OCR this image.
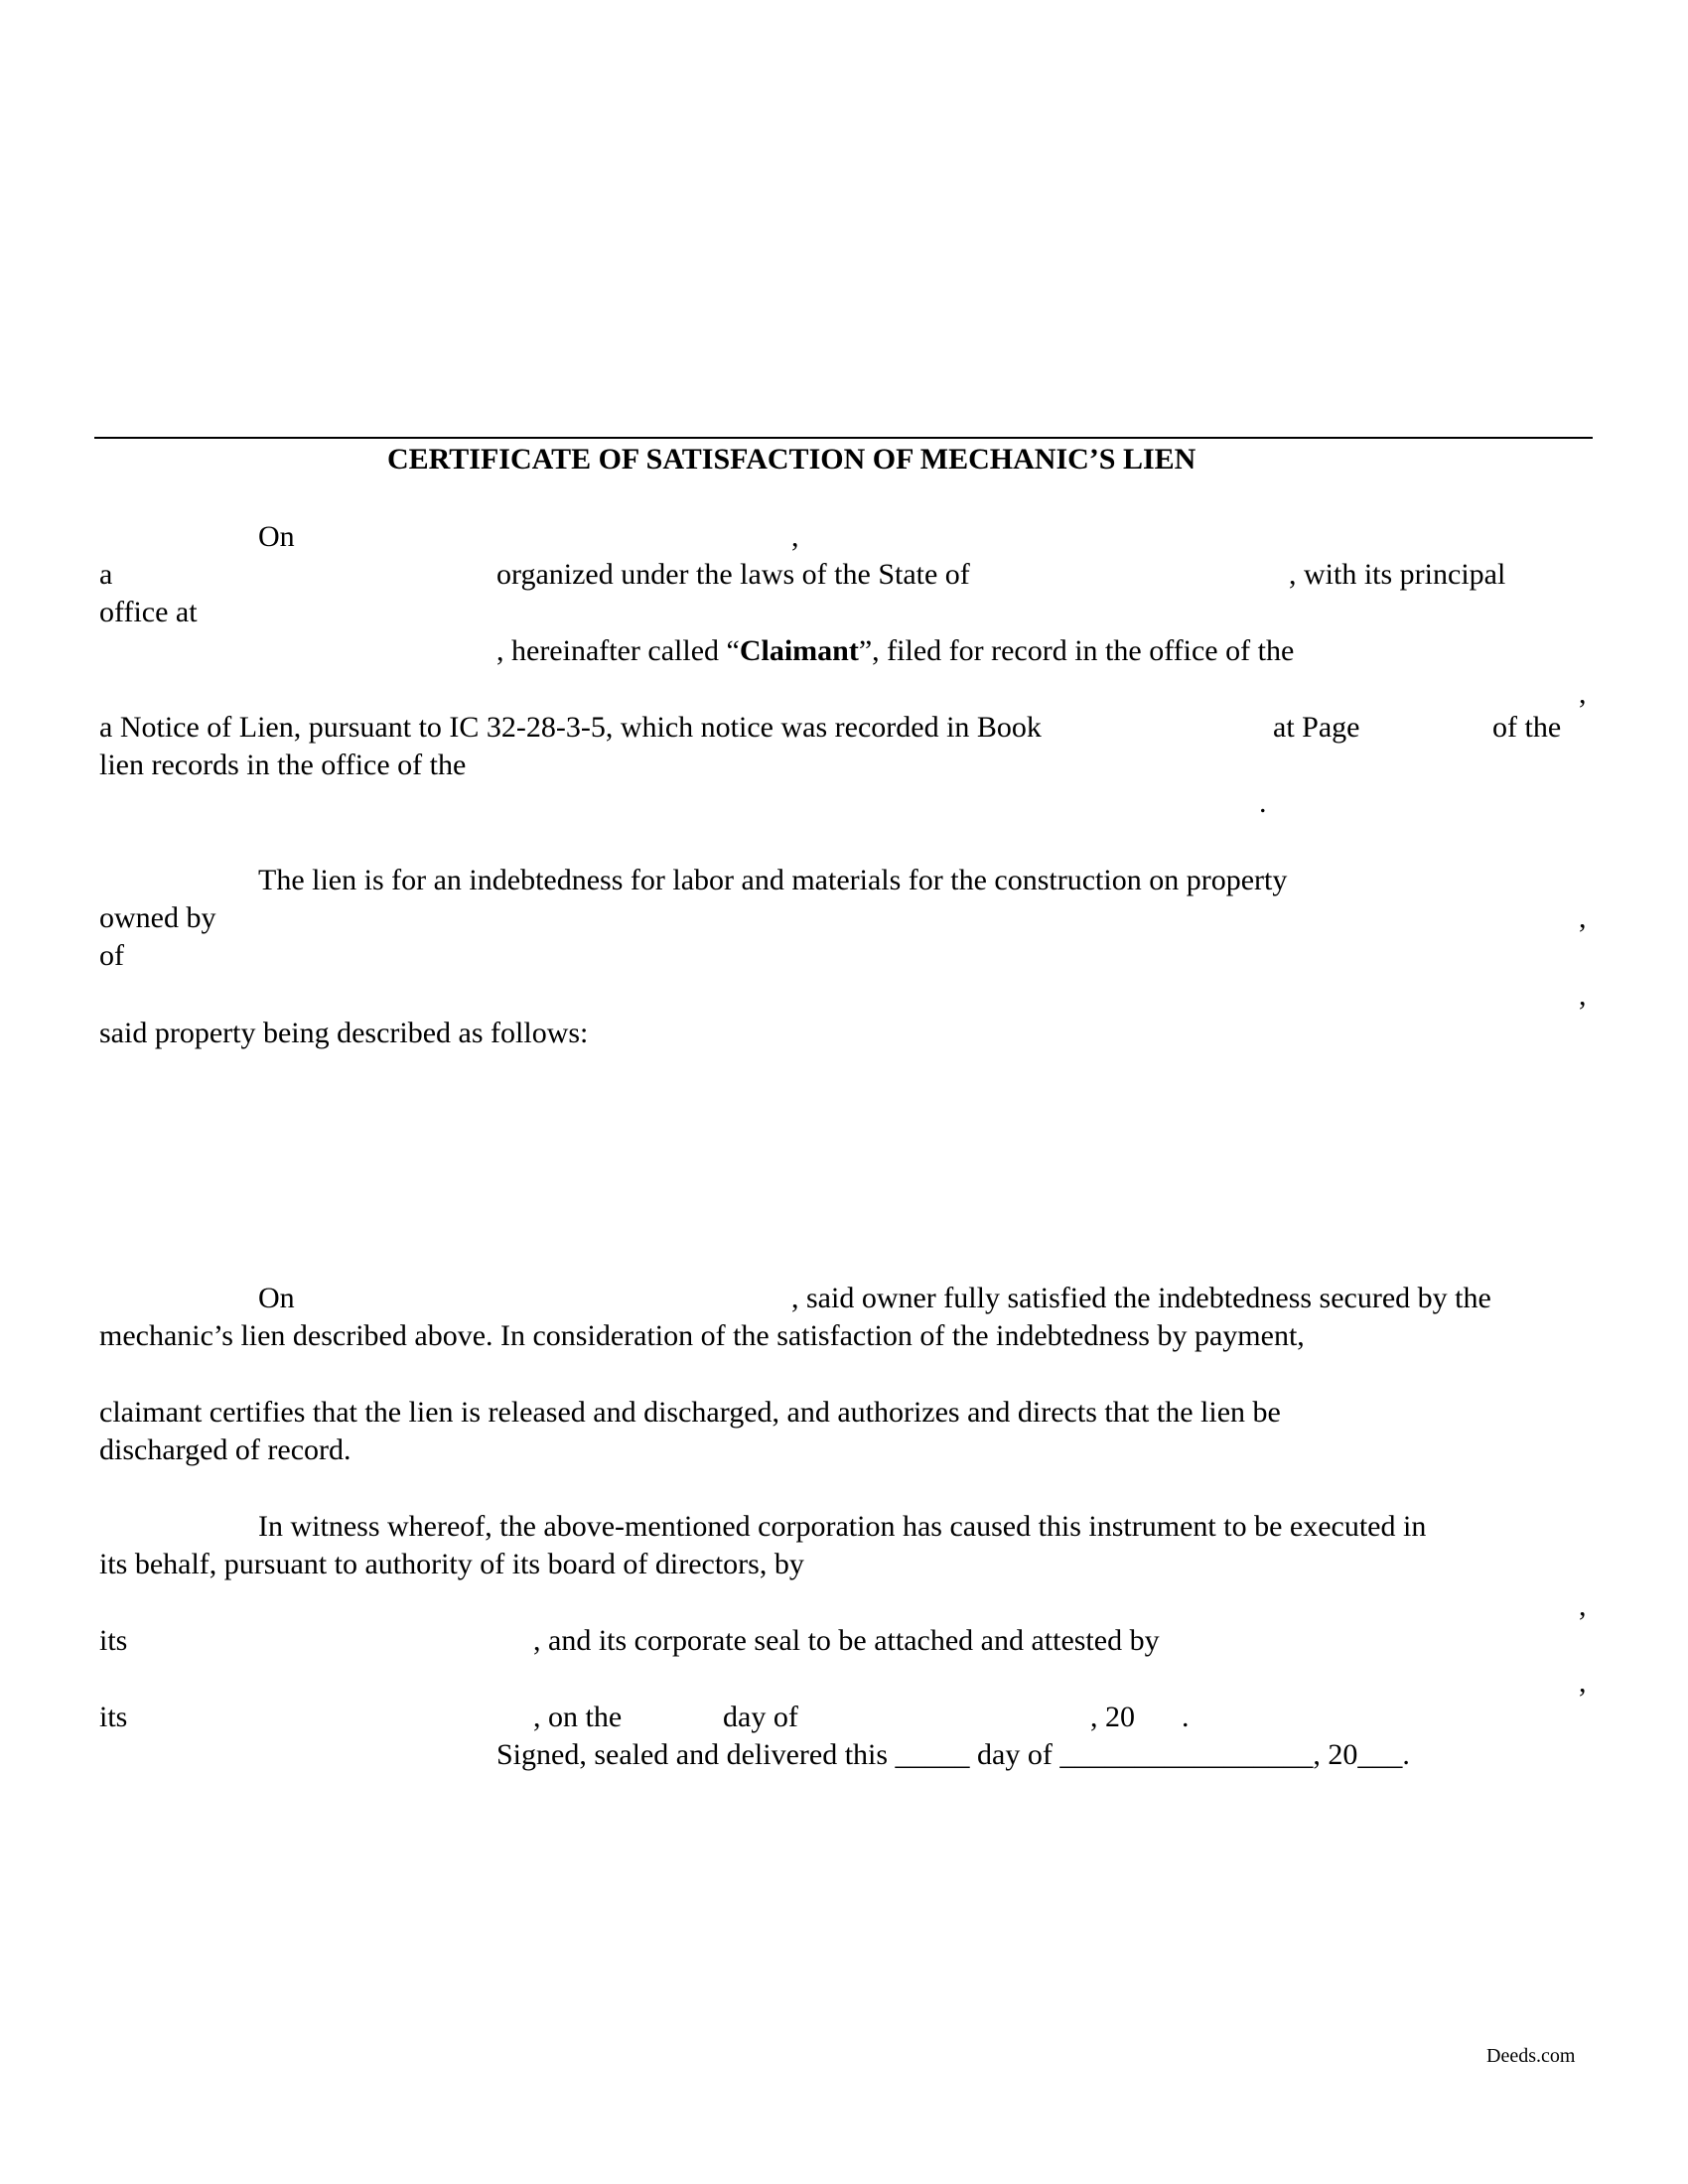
CERTIFICATE OF SATISFACTION OF MECHANIC’S LIEN
On	,
a	organized under the laws of the State of	, with its principal
office at
, hereinafter called “Claimant”, filed for record in the office of the
,
a Notice of Lien, pursuant to IC 32-28-3-5, which notice was recorded in Book	at Page	of the
lien records in the office of the
.
The lien is for an indebtedness for labor and materials for the construction on property
owned by	,
of
,
said property being described as follows:
On	, said owner fully satisfied the indebtedness secured by the
mechanic’s lien described above. In consideration of the satisfaction of the indebtedness by payment,
claimant certifies that the lien is released and discharged, and authorizes and directs that the lien be
discharged of record.
In witness whereof, the above-mentioned corporation has caused this instrument to be executed in
its behalf, pursuant to authority of its board of directors, by
,
its	, and its corporate seal to be attached and attested by
,
its	, on the	day of	, 20 .
Signed, sealed and delivered this _____ day of _________________, 20___.
Deeds.com
